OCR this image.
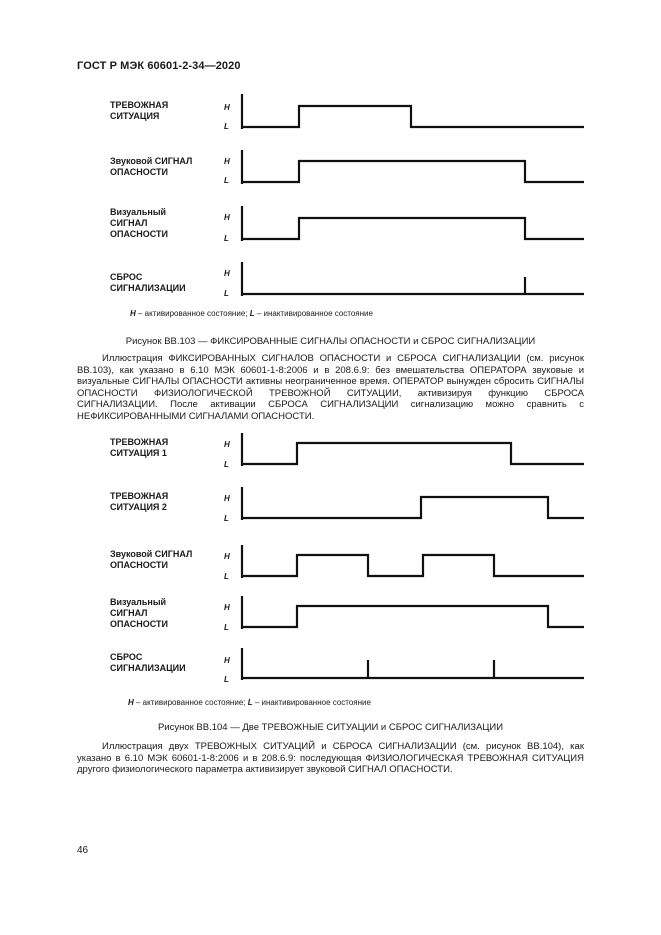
ГОСТ Р МЭК 60601-2-34—2020
ТРЕВОЖНАЯ
СИТУАЦИЯ
Звуковой СИГНАЛ
ОПАСНОСТИ
Визуальный
СИГНАЛ
ОПАСНОСТИ
СБРОС
СИГНАЛИЗАЦИИ
H
L
H
L
H
L
H
L
H – активированное состояние; L – инактивированное состояние
Рисунок ВВ.103 — ФИКСИРОВАННЫЕ СИГНАЛЫ ОПАСНОСТИ и СБРОС СИГНАЛИЗАЦИИ
Иллюстрация ФИКСИРОВАННЫХ СИГНАЛОВ ОПАСНОСТИ и СБРОСА СИГНАЛИЗАЦИИ (см. рисунок ВВ.103), как указано в 6.10 МЭК 60601-1-8:2006 и в 208.6.9: без вмешательства ОПЕРАТОРА звуковые и визуальные СИГНАЛЫ ОПАСНОСТИ активны неограниченное время. ОПЕРАТОР вынужден сбросить СИГНАЛЫ ОПАСНОСТИ ФИЗИОЛОГИЧЕСКОЙ ТРЕВОЖНОЙ СИТУАЦИИ, активизируя функцию СБРОСА СИГНАЛИЗАЦИИ. После активации СБРОСА СИГНАЛИЗАЦИИ сигнализацию можно сравнить с НЕФИКСИРОВАННЫМИ СИГНАЛАМИ ОПАСНОСТИ.
ТРЕВОЖНАЯ
СИТУАЦИЯ 1
ТРЕВОЖНАЯ
СИТУАЦИЯ 2
Звуковой СИГНАЛ
ОПАСНОСТИ
Визуальный
СИГНАЛ
ОПАСНОСТИ
СБРОС
СИГНАЛИЗАЦИИ
H
L
H
L
H
L
H
L
H
L
H – активированное состояние; L – инактивированное состояние
Рисунок ВВ.104 — Две ТРЕВОЖНЫЕ СИТУАЦИИ и СБРОС СИГНАЛИЗАЦИИ
Иллюстрация двух ТРЕВОЖНЫХ СИТУАЦИЙ и СБРОСА СИГНАЛИЗАЦИИ (см. рисунок ВВ.104), как указано в 6.10 МЭК 60601-1-8:2006 и в 208.6.9: последующая ФИЗИОЛОГИЧЕСКАЯ ТРЕВОЖНАЯ СИТУАЦИЯ другого физиологического параметра активизирует звуковой СИГНАЛ ОПАСНОСТИ.
46
